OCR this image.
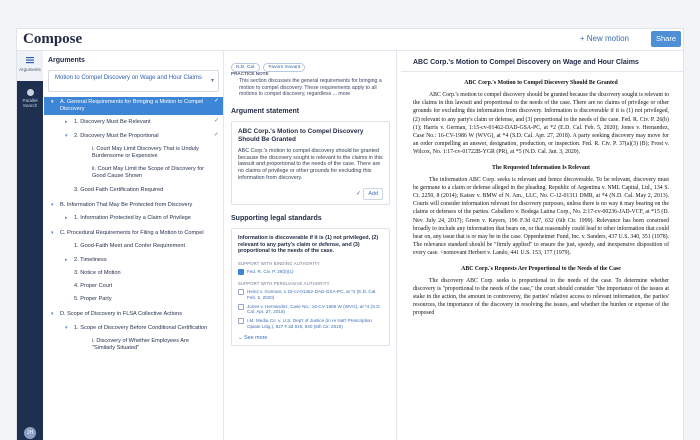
Compose	+ New motion	Share
Arguments
Parallel Search
JH
Arguments
Motion to Compel Discovery on Wage and Hour Claims ▾
▾ A. General Requirements for Bringing a Motion to Compel Discovery
✓
▸ 1. Discovery Must Be Relevant	✓
▾ 2. Discovery Must Be Proportional	✓
i. Court May Limit Discovery That is Unduly Burdensome or Expensive
ii. Court May Limit the Scope of Discovery for Good Cause Shown
3. Good Faith Certification Required
▾ B. Information That May Be Protected from Discovery
▸ 1. Information Protected by a Claim of Privilege
▾ C. Procedural Requirements for Filing a Motion to Compel
1. Good-Faith Meet and Confer Requirement
▸ 2. Timeliness
3. Notice of Motion
4. Proper Court
5. Proper Party
▾ D. Scope of Discovery in FLSA Collective Actions
▾ 1. Scope of Discovery Before Conditional Certification
i. Discovery of Whether Employees Are "Similarly Situated"
N.D. Cal.	Favors movant
PRACTICE NOTE
This section discusses the general requirements for bringing a motion to compel discovery. These requirements apply to all motions to compel discovery, regardless ... more
Argument statement
ABC Corp.'s Motion to Compel Discovery Should Be Granted
ABC Corp.'s motion to compel discovery should be granted because the discovery sought is relevant to the claims in this lawsuit and proportional to the needs of the case. There are no claims of privilege or other grounds for excluding this information from discovery.
✓	Add
Supporting legal standards
Information is discoverable if it is (1) not privileged, (2) relevant to any party's claim or defense, and (3) proportional to the needs of the case.
SUPPORT WITH BINDING AUTHORITY
Fed. R. Civ. P. 26(b)(1)
SUPPORT WITH PERSUASIVE AUTHORITY
Heinz v. Gorman, 1:15-cv-01462-DAD-GSA-PC, at *2 (E.D. Cal. Feb. 5, 2020)
Jones v. Hernandez, Case No.: 16-CV-1986 W (WVG), at *4 (S.D. Cal. Apr. 27, 2018)
I.M. Media Co. v. U.S. Dep't of Justice (In re Nat'l Prescription Opiate Litig.), 927 F.3d 919, 940 (6th Cir. 2019)
⌄ See more
ABC Corp.'s Motion to Compel Discovery on Wage and Hour Claims
ABC Corp.'s Motion to Compel Discovery Should Be Granted
ABC Corp.'s motion to compel discovery should be granted because the discovery sought is relevant to the claims in this lawsuit and proportional to the needs of the case. There are no claims of privilege or other grounds for excluding this information from discovery. Information is discoverable if it is (1) not privileged, (2) relevant to any party's claim or defense, and (3) proportional to the needs of the case. Fed. R. Civ. P. 26(b)(1); Harris v. German, 1:15-cv-01462-DAD-GSA-PC, at *2 (E.D. Cal. Feb. 5, 2020); Jones v. Hernandez, Case No.: 16-CV-1986 W (WVG), at *4 (S.D. Cal. Apr. 27, 2018). A party seeking discovery may move for an order compelling an answer, designation, production, or inspection. Fed. R. Civ. P. 37(a)(3) (B); Frost v. Wilcox, No. 1:17-cv-01722B-YGR (PR), at *5 (N.D. Cal. Jan. 3, 2020).
The Requested Information Is Relevant
The information ABC Corp. seeks is relevant and hence discoverable. To be relevant, discovery must be germane to a claim or defense alleged in the pleading. Republic of Argentina v. NML Capital, Ltd., 134 S. Ct. 2250, 8 (2014); Kaiser v. BMW of N. Am., LLC, No. C-12-01311 DMR, at *4 (N.D. Cal. May 2, 2013). Courts will consider information relevant for discovery purposes, unless there is no way it may bearing on the claims or defenses of the parties. Caballero v. Bodega Latina Corp., No. 2:17-cv-00236-JAD-VCF, at *15 (D. Nev. July 24, 2017); Green v. Keyers, 196 F.3d 627, 632 (6th Cir. 1999). Relevance has been construed broadly to include any information that bears on, or that reasonably could lead to other information that could bear on, any issue that is or may be in the case. Oppenheimer Fund, Inc. v. Sanders, 437 U.S. 340, 351 (1978). The relevance standard should be "firmly applied" to ensure the just, speedy, and inexpensive disposition of every case. <nomovant Herbert v. Lando, 441 U.S. 153, 177 (1979).
ABC Corp.'s Requests Are Proportional to the Needs of the Case
The discovery ABC Corp. seeks is proportional to the needs of the case. To determine whether discovery is "proportional to the needs of the case," the court should consider "the importance of the issues at stake in the action, the amount in controversy, the parties' relative access to relevant information, the parties' resources, the importance of the discovery in resolving the issues, and whether the burden or expense of the proposed
